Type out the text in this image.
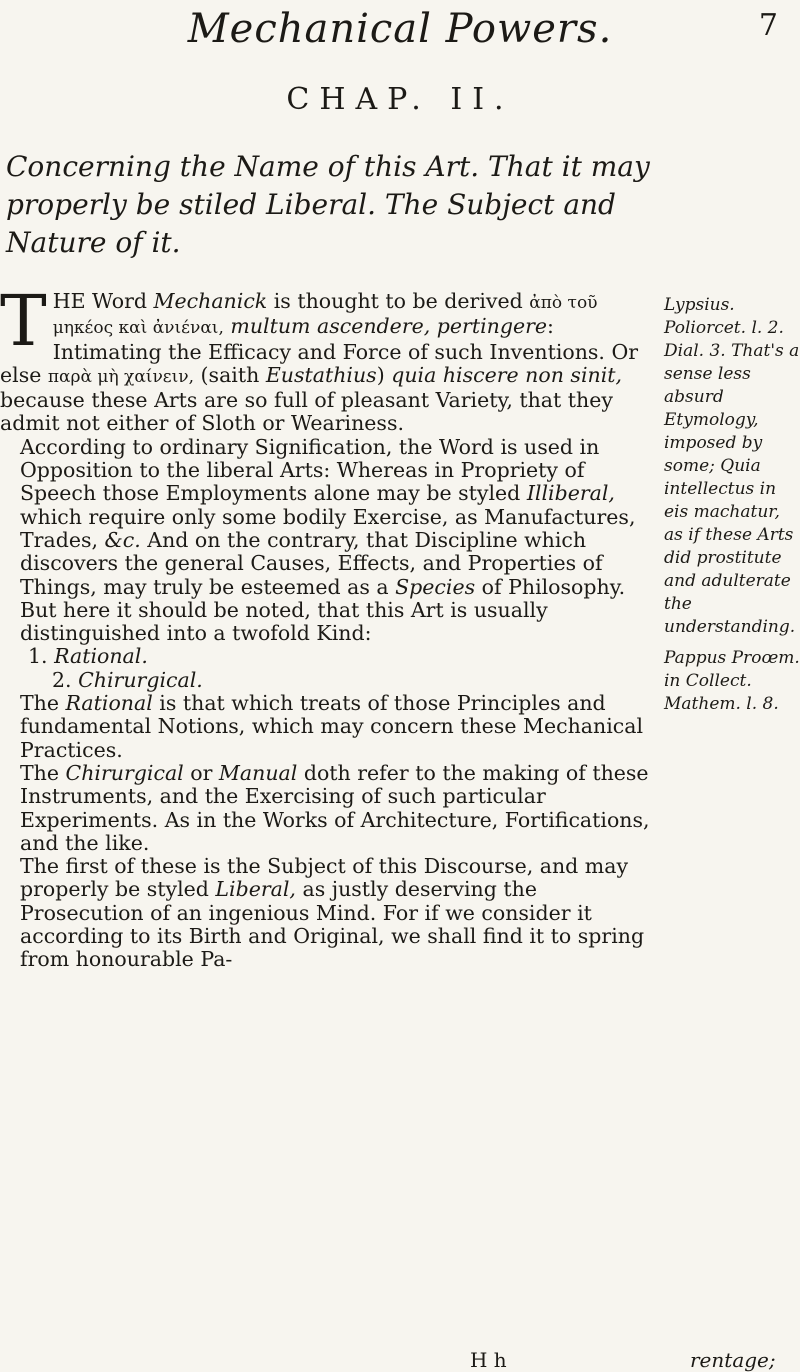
Mechanical Powers.	7
CHAP. II.
Concerning the Name of this Art. That it may properly be stiled Liberal. The Subject and Nature of it.

THE Word Mechanick is thought to be derived ἀπὸ τοῦ μηκέος καὶ ἀνιέναι, multum ascendere, pertingere: Intimating the Efficacy and Force of such Inventions. Or else παρὰ μὴ χαίνειν, (saith Eustathius) quia hiscere non sinit, because these Arts are so full of pleasant Variety, that they admit not either of Sloth or Weariness.

According to ordinary Signification, the Word is used in Opposition to the liberal Arts: Whereas in Propriety of Speech those Employments alone may be styled Illiberal, which require only some bodily Exercise, as Manufactures, Trades, &c. And on the contrary, that Discipline which discovers the general Causes, Effects, and Properties of Things, may truly be esteemed as a Species of Philosophy.

But here it should be noted, that this Art is usually distinguished into a twofold Kind:

1. Rational.

2. Chirurgical.

The Rational is that which treats of those Principles and fundamental Notions, which may concern these Mechanical Practices.

The Chirurgical or Manual doth refer to the making of these Instruments, and the Exercising of such particular Experiments. As in the Works of Architecture, Fortifications, and the like.

The first of these is the Subject of this Discourse, and may properly be styled Liberal, as justly deserving the Prosecution of an ingenious Mind. For if we consider it according to its Birth and Original, we shall find it to spring from honourable Pa-

Lypsius. Poliorcet. l. 2. Dial. 3. That's a sense less absurd Etymology, imposed by some; Quia intellectus in eis machatur, as if these Arts did prostitute and adulterate the understanding.
Pappus Proœm. in Collect. Mathem. l. 8.
H h	rentage;
